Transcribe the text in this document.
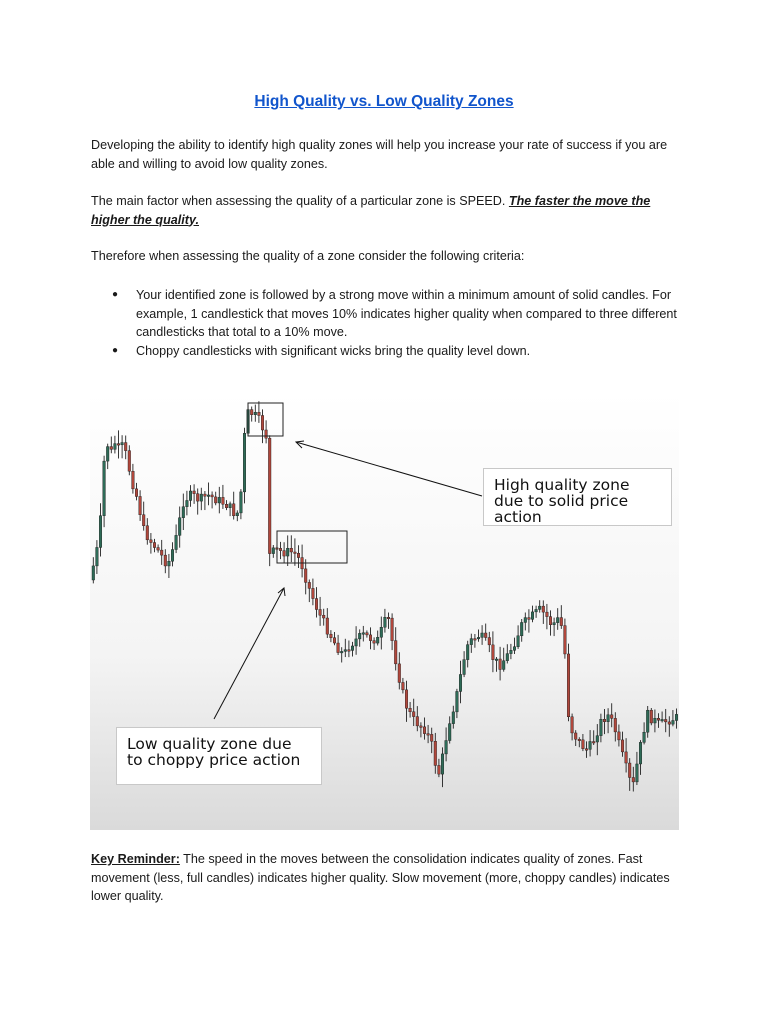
High Quality vs. Low Quality Zones

Developing the ability to identify high quality zones will help you increase your rate of success if you are able and willing to avoid low quality zones.

The main factor when assessing the quality of a particular zone is SPEED. The faster the move the higher the quality.

Therefore when assessing the quality of a zone consider the following criteria:

● Your identified zone is followed by a strong move within a minimum amount of solid candles. For example, 1 candlestick that moves 10% indicates higher quality when compared to three different candlesticks that total to a 10% move.
● Choppy candlesticks with significant wicks bring the quality level down.
High quality zone due to solid price action
Low quality zone due to choppy price action

Key Reminder: The speed in the moves between the consolidation indicates quality of zones. Fast movement (less, full candles) indicates higher quality. Slow movement (more, choppy candles) indicates lower quality.
